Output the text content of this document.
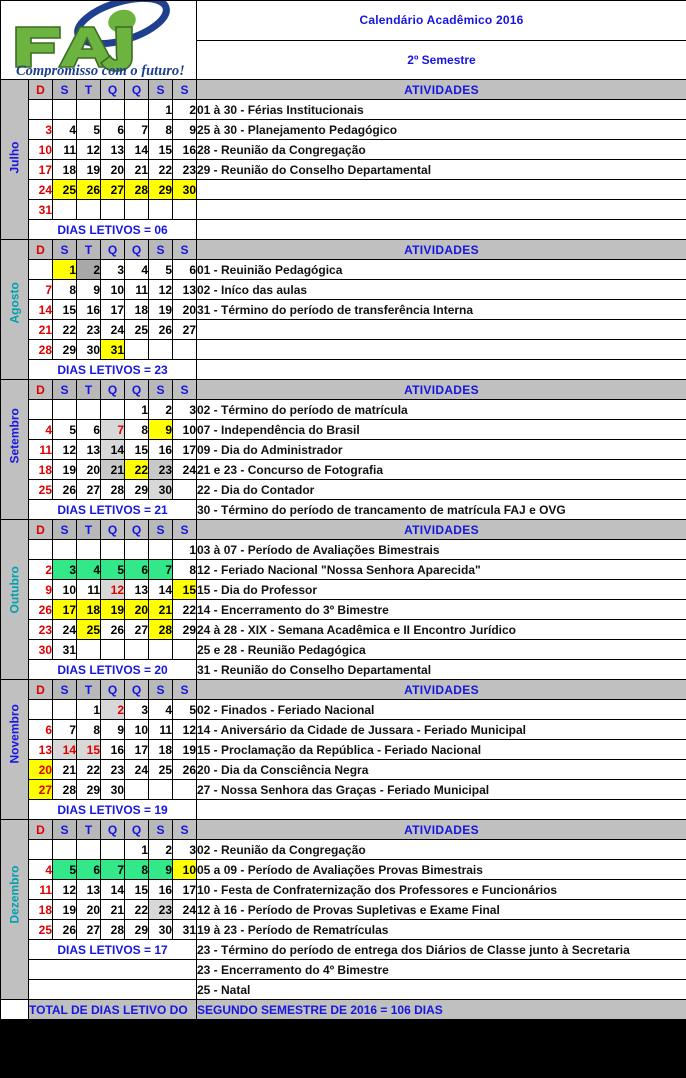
Compromisso com o futuro!								Calendário Acadêmico 2016
								2º Semestre

Julho	D	S	T	Q	Q	S	S	ATIVIDADES
						1	2	01 à 30 - Férias Institucionais
	3	4	5	6	7	8	9	25 à 30 - Planejamento Pedagógico
	10	11	12	13	14	15	16	28 - Reunião da Congregação
	17	18	19	20	21	22	23	29 - Reunião do Conselho Departamental
	24	25	26	27	28	29	30	
	31							
	DIAS LETIVOS = 06							

Agosto	D	S	T	Q	Q	S	S	ATIVIDADES
		1	2	3	4	5	6	01 - Reuinião Pedagógica
	7	8	9	10	11	12	13	02 - Iníco das aulas
	14	15	16	17	18	19	20	31 - Término do período de transferência Interna
	21	22	23	24	25	26	27	
	28	29	30	31				
	DIAS LETIVOS = 23							

Setembro	D	S	T	Q	Q	S	S	ATIVIDADES
					1	2	3	02 - Término do período de matrícula
	4	5	6	7	8	9	10	07 - Independência do Brasil
	11	12	13	14	15	16	17	09 - Dia do Administrador
	18	19	20	21	22	23	24	21 e 23 - Concurso de Fotografia
	25	26	27	28	29	30		22 - Dia do Contador
	DIAS LETIVOS = 21							30 - Término do período de trancamento de matrícula FAJ e OVG

Outubro	D	S	T	Q	Q	S	S	ATIVIDADES
							1	03 à 07 - Período de Avaliações Bimestrais
	2	3	4	5	6	7	8	12 - Feriado Nacional "Nossa Senhora Aparecida"
	9	10	11	12	13	14	15	15 - Dia do Professor
	26	17	18	19	20	21	22	14 - Encerramento do 3º Bimestre
	23	24	25	26	27	28	29	24 à 28 - XIX - Semana Acadêmica e II Encontro Jurídico
	30	31						25 e 28 - Reunião Pedagógica
	DIAS LETIVOS = 20							31 - Reunião do Conselho Departamental

Novembro	D	S	T	Q	Q	S	S	ATIVIDADES
			1	2	3	4	5	02 - Finados - Feriado Nacional
	6	7	8	9	10	11	12	14 - Aniversário da Cidade de Jussara - Feriado Municipal
	13	14	15	16	17	18	19	15 - Proclamação da República - Feriado Nacional
	20	21	22	23	24	25	26	20 - Dia da Consciência Negra
	27	28	29	30				27 - Nossa Senhora das Graças - Feriado Municipal
	DIAS LETIVOS = 19							

Dezembro	D	S	T	Q	Q	S	S	ATIVIDADES
					1	2	3	02 - Reunião da Congregação
	4	5	6	7	8	9	10	05 a 09 - Período de Avaliações Provas Bimestrais
	11	12	13	14	15	16	17	10 - Festa de Confraternização dos Professores e Funcionários
	18	19	20	21	22	23	24	12 à 16 - Período de Provas Supletivas e Exame Final
	25	26	27	28	29	30	31	19 à 23 - Período de Rematrículas
	DIAS LETIVOS = 17							23 - Término do período de entrega dos Diários de Classe junto à Secretaria
								23 - Encerramento do 4º Bimestre
								25 - Natal
	TOTAL DE DIAS LETIVO DO							SEGUNDO SEMESTRE DE 2016 = 106 DIAS
